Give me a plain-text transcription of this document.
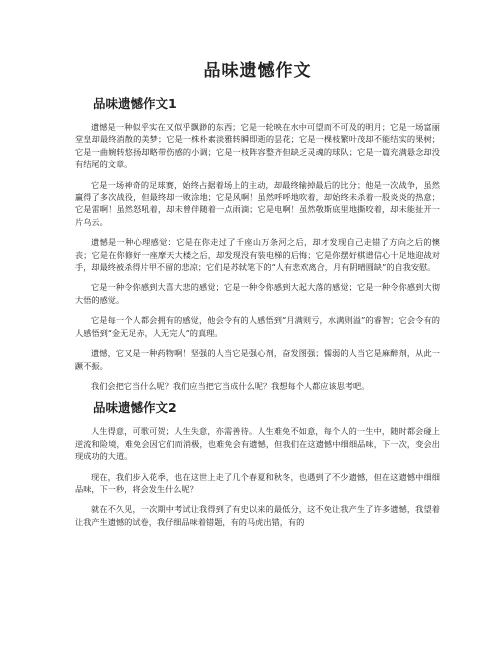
品味遗憾作文
品味遗憾作文1

遗憾是一种似乎实在又似乎飘渺的东西；它是一轮映在水中可望而不可及的明月；它是一场富丽堂皇却最终消散的美梦；它是一株朴素淡雅转瞬即逝的昙花；它是一棵枝繁叶茂却不能结实的果树；它是一曲婉转悠扬却略带伤感的小调；它是一枝阵容整齐但缺乏灵魂的球队；它是一篇充满悬念却没有结尾的文章。

它是一场神奇的足球赛，始终占据着场上的主动，却最终输掉最后的比分；他是一次战争，虽然赢得了多次战役，但最终却一败涂地；它是风啊！虽然呼呼地吹着，却始终未杀着一股炎炎的热意；它是雷啊！虽然怒吼着，却未曾伴随着一点雨滴；它是电啊！虽然敬斯底里地撕咬着，却未能扯开一片乌云。

遗憾是一种心理感觉：它是在你走过了千座山万条河之后，却才发现自己走错了方向之后的懊丧；它是在你修好一座摩天大楼之后，却发现没有装电梯的后悔；它是你摆好棋谱信心十足地迎战对手，却最终被杀得片甲不留的悲凉；它们是苏轼笔下的“人有悲欢离合，月有阴晴圆缺”的自我安慰。

它是一种令你感到大喜大悲的感觉；它是一种令你感到大起大落的感觉；它是一种令你感到大彻大悟的感觉。

它是每一个人都会拥有的感觉，他会令有的人感悟到“月满则亏，水满则溢”的睿智；它会令有的人感悟到“金无足赤，人无完人”的真理。

遗憾，它又是一种药物啊！坚强的人当它是强心剂，奋发图强；懦弱的人当它是麻醉剂，从此一蹶不振。

我们会把它当什么呢？我们应当把它当成什么呢？我想每个人都应该思考吧。

品味遗憾作文2

人生得意，可歌可贺；人生失意，亦需善待。人生难免不如意，每个人的一生中，随时都会碰上逆流和险境，难免会因它们而消极，也难免会有遗憾，但我们在这遗憾中细细品味，下一次，变会出现成功的大道。

现在，我们步入花季，也在这世上走了几个春夏和秋冬，也遇到了不少遗憾，但在这遗憾中细细品味，下一秒，将会发生什么呢？

就在不久见，一次期中考试让我得到了有史以来的最低分，这不免让我产生了许多遗憾，我望着让我产生遗憾的试卷，我仔细品味着错题，有的马虎出错，有的
